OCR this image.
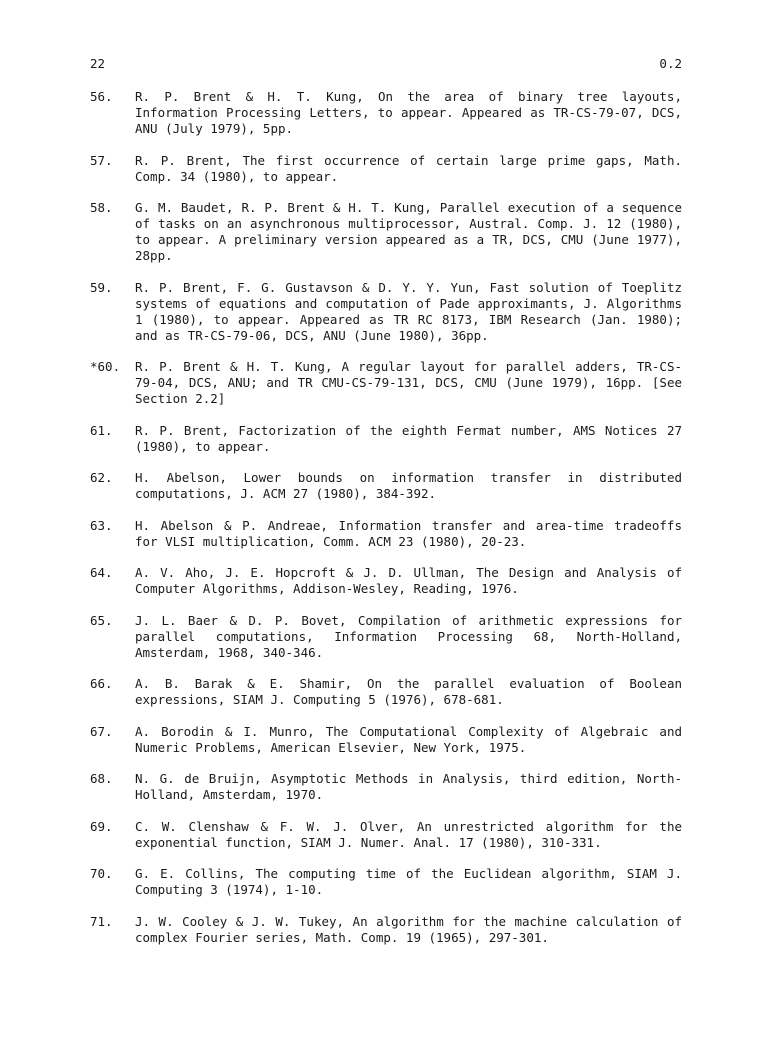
22	0.2
56.	R. P. Brent & H. T. Kung, On the area of binary tree layouts, Information Processing Letters, to appear. Appeared as TR-CS-79-07, DCS, ANU (July 1979), 5pp.
57.	R. P. Brent, The first occurrence of certain large prime gaps, Math. Comp. 34 (1980), to appear.
58.	G. M. Baudet, R. P. Brent & H. T. Kung, Parallel execution of a sequence of tasks on an asynchronous multiprocessor, Austral. Comp. J. 12 (1980), to appear. A preliminary version appeared as a TR, DCS, CMU (June 1977), 28pp.
59.	R. P. Brent, F. G. Gustavson & D. Y. Y. Yun, Fast solution of Toeplitz systems of equations and computation of Pade approximants, J. Algorithms 1 (1980), to appear. Appeared as TR RC 8173, IBM Research (Jan. 1980); and as TR-CS-79-06, DCS, ANU (June 1980), 36pp.
*60.	R. P. Brent & H. T. Kung, A regular layout for parallel adders, TR-CS-79-04, DCS, ANU; and TR CMU-CS-79-131, DCS, CMU (June 1979), 16pp. [See Section 2.2]
61.	R. P. Brent, Factorization of the eighth Fermat number, AMS Notices 27 (1980), to appear.
62.	H. Abelson, Lower bounds on information transfer in distributed computations, J. ACM 27 (1980), 384-392.
63.	H. Abelson & P. Andreae, Information transfer and area-time tradeoffs for VLSI multiplication, Comm. ACM 23 (1980), 20-23.
64.	A. V. Aho, J. E. Hopcroft & J. D. Ullman, The Design and Analysis of Computer Algorithms, Addison-Wesley, Reading, 1976.
65.	J. L. Baer & D. P. Bovet, Compilation of arithmetic expressions for parallel computations, Information Processing 68, North-Holland, Amsterdam, 1968, 340-346.
66.	A. B. Barak & E. Shamir, On the parallel evaluation of Boolean expressions, SIAM J. Computing 5 (1976), 678-681.
67.	A. Borodin & I. Munro, The Computational Complexity of Algebraic and Numeric Problems, American Elsevier, New York, 1975.
68.	N. G. de Bruijn, Asymptotic Methods in Analysis, third edition, North-Holland, Amsterdam, 1970.
69.	C. W. Clenshaw & F. W. J. Olver, An unrestricted algorithm for the exponential function, SIAM J. Numer. Anal. 17 (1980), 310-331.
70.	G. E. Collins, The computing time of the Euclidean algorithm, SIAM J. Computing 3 (1974), 1-10.
71.	J. W. Cooley & J. W. Tukey, An algorithm for the machine calculation of complex Fourier series, Math. Comp. 19 (1965), 297-301.
